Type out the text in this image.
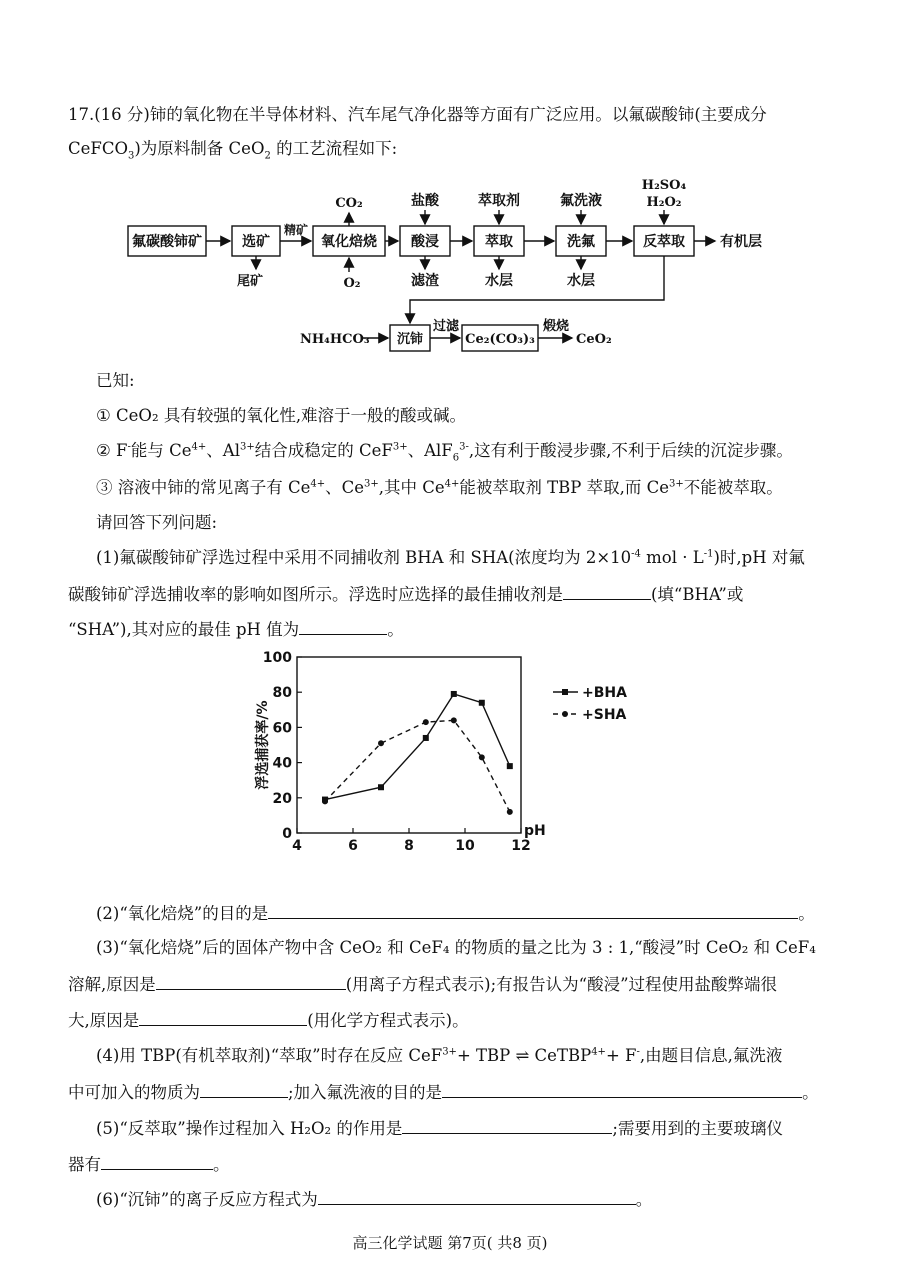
17.(16 分)铈的氧化物在半导体材料、汽车尾气净化器等方面有广泛应用。以氟碳酸铈(主要成分
CeFCO$_3$)为原料制备 CeO$_2$ 的工艺流程如下:
氟碳酸铈矿	选矿	氧化焙烧 酸浸	萃取	洗氟	反萃取
沉铈	Ce₂(CO₃)₃
CO₂	盐酸	萃取剂	氟洗液
H₂SO₄
H₂O₂
尾矿	O₂	滤渣	水层	水层
精矿
过滤	煅烧
有机层
CeO₂
NH₄HCO₃
已知:
① CeO₂ 具有较强的氧化性,难溶于一般的酸或碱。
② F-能与 $Ce^{4+}$、$Al^{3+}$结合成稳定的 CeF$^{3+}$、AlF$_6^{3-}$,这有利于酸浸步骤,不利于后续的沉淀步骤。
③ 溶液中铈的常见离子有 $Ce^{4+}$、$Ce^{3+}$,其中 $Ce^{4+}$能被萃取剂 TBP 萃取,而 $Ce^{3+}$不能被萃取。
请回答下列问题:
(1)氟碳酸铈矿浮选过程中采用不同捕收剂 BHA 和 SHA(浓度均为 $2\times 10^{-4}$ mol · $L^{-1}$)时,pH 对氟
碳酸铈矿浮选捕收率的影响如图所示。浮选时应选择的最佳捕收剂是	(填“BHA”或
“SHA”),其对应的最佳 pH 值为	。
4	6	8	10	12
0
20
40
60
80
100
pH
浮选捕获率/%
+BHA
+SHA
(2)“氧化焙烧”的目的是	。
(3)“氧化焙烧”后的固体产物中含 CeO₂ 和 CeF₄ 的物质的量之比为 3 : 1,“酸浸”时 CeO₂ 和 CeF₄
溶解,原因是	(用离子方程式表示);有报告认为“酸浸”过程使用盐酸弊端很
大,原因是	(用化学方程式表示)。
(4)用 TBP(有机萃取剂)“萃取”时存在反应 CeF$^{3+}$+ TBP ⇌ CeTBP$^{4+}$+ F-,由题目信息,氟洗液
中可加入的物质为	;加入氟洗液的目的是	。
(5)“反萃取”操作过程加入 H₂O₂ 的作用是	;需要用到的主要玻璃仪
器有	。
(6)“沉铈”的离子反应方程式为	。
高三化学试题 第7页( 共8 页)
